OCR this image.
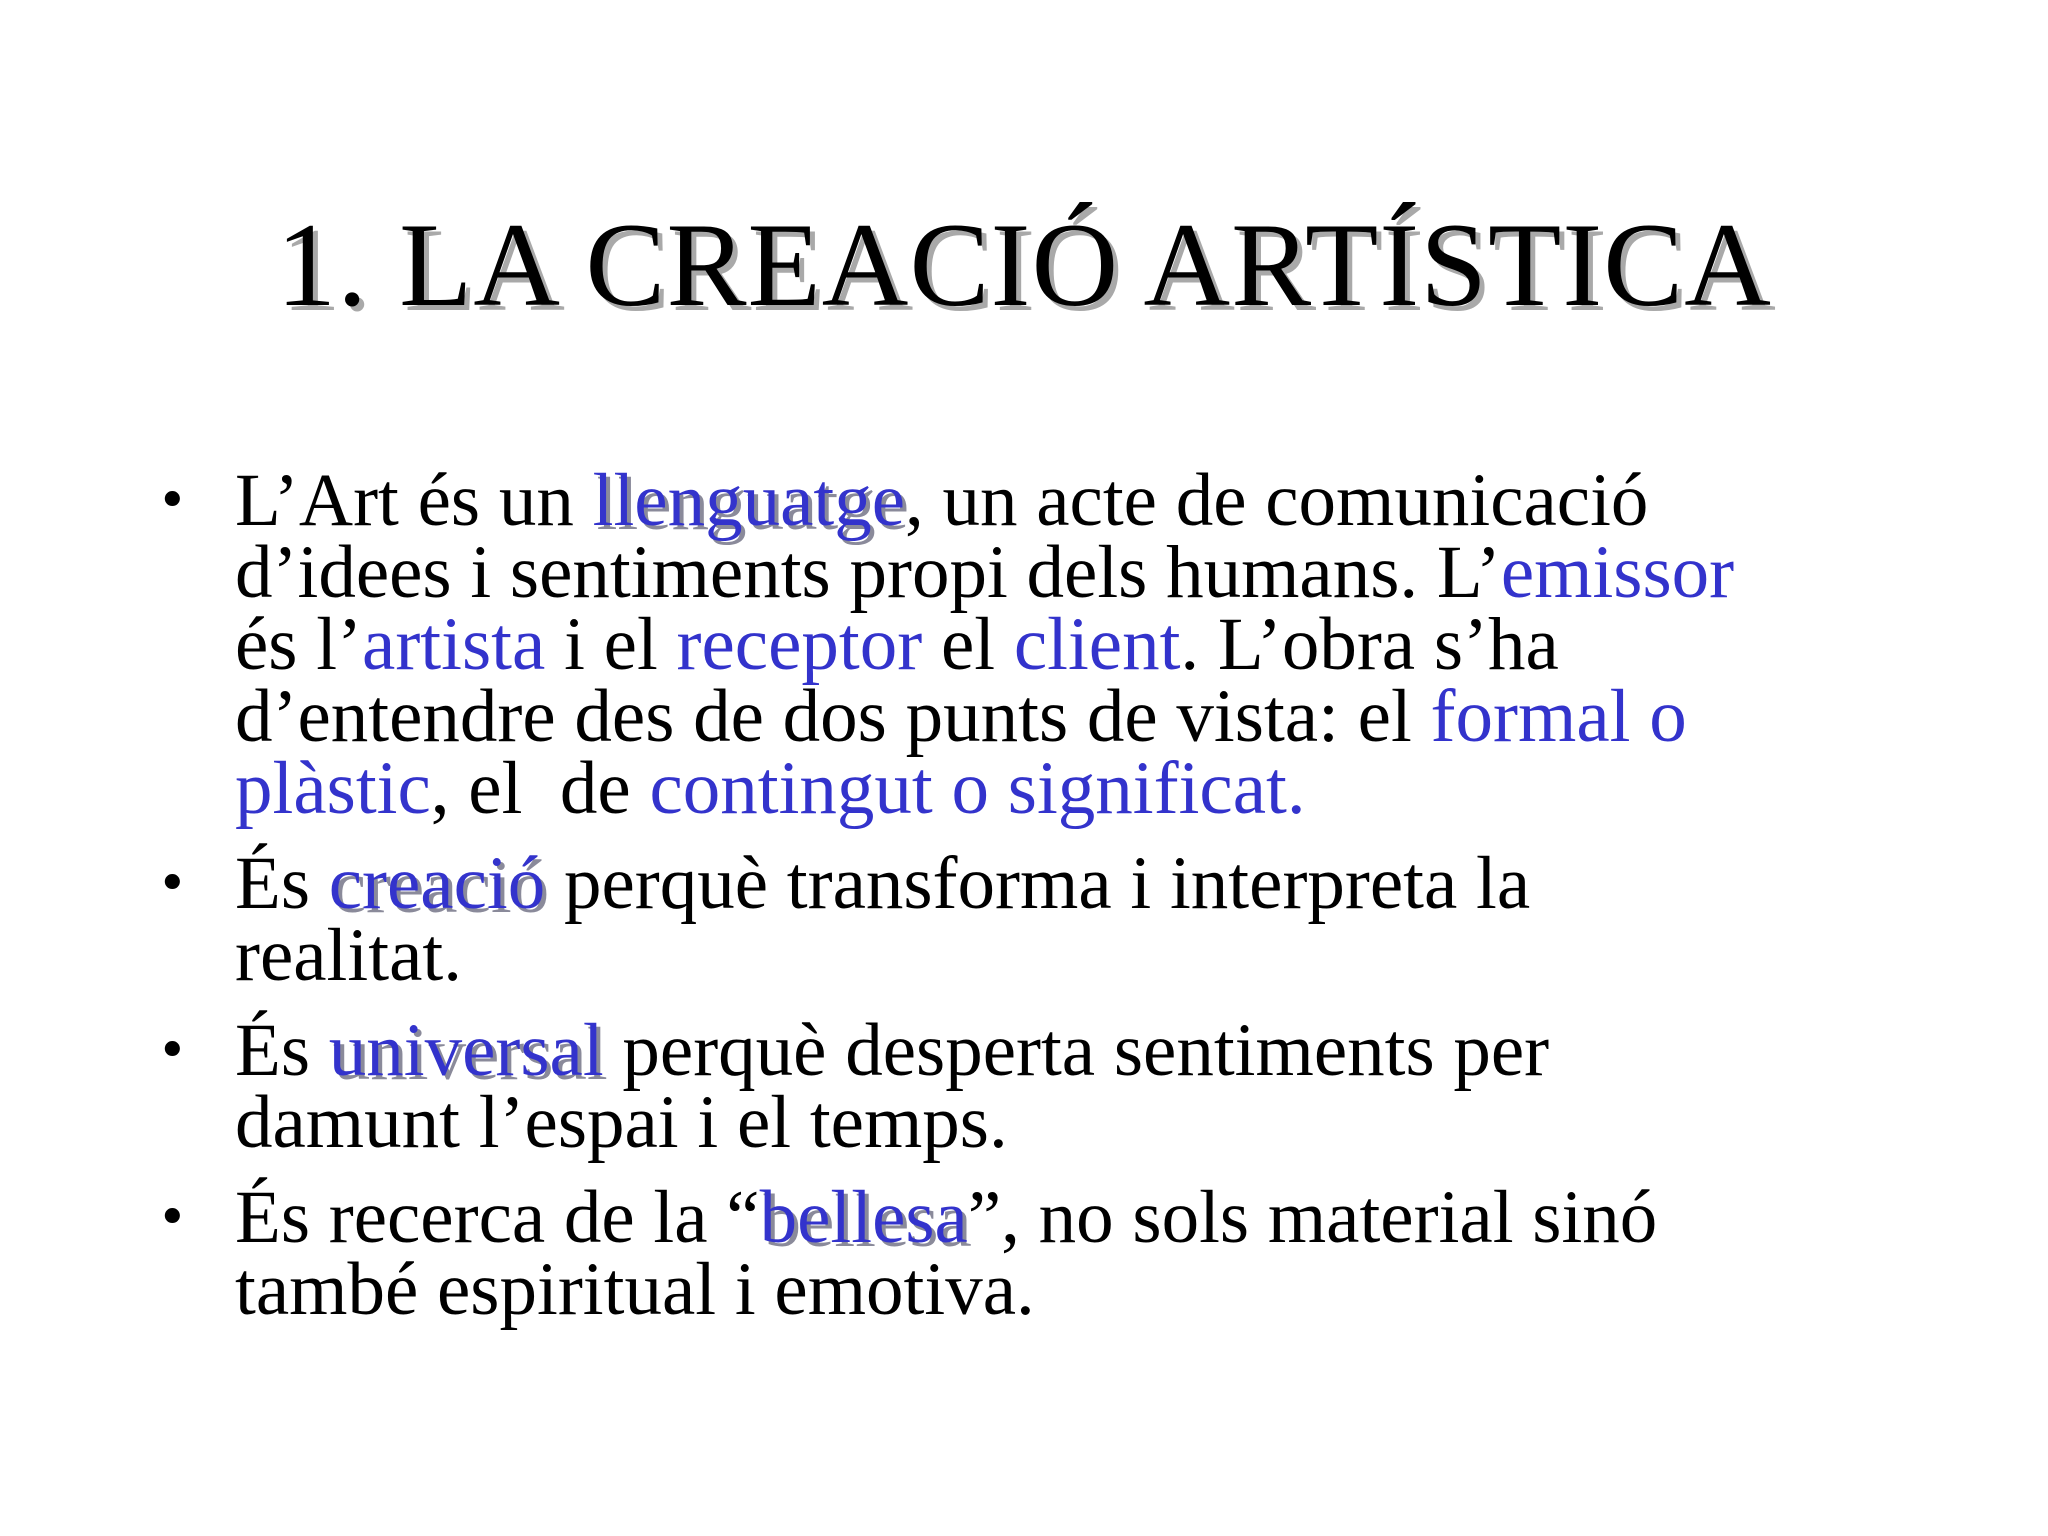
1. LA CREACIÓ ARTÍSTICA
• L’Art és un llenguatge, un acte de comunicació
d’idees i sentiments propi dels humans. L’emissor
és l’artista i el receptor el client. L’obra s’ha
d’entendre des de dos punts de vista: el formal o
plàstic, el  de contingut o significat.
• És creació perquè transforma i interpreta la
realitat.
• És universal perquè desperta sentiments per
damunt l’espai i el temps.
• És recerca de la “bellesa”, no sols material sinó
també espiritual i emotiva.
